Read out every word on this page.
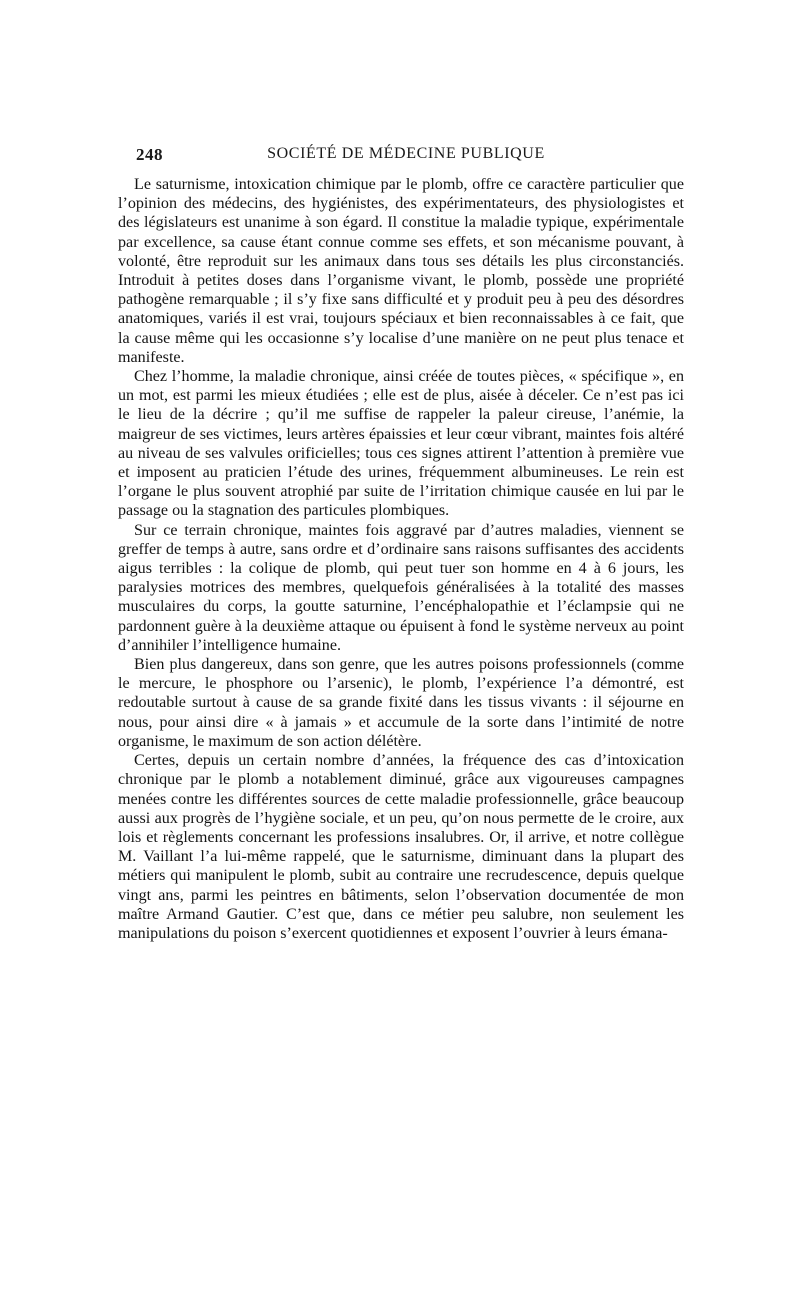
248	SOCIÉTÉ DE MÉDECINE PUBLIQUE

Le saturnisme, intoxication chimique par le plomb, offre ce caractère particulier que l’opinion des médecins, des hygiénistes, des expérimentateurs, des physiologistes et des législateurs est unanime à son égard. Il constitue la maladie typique, expérimentale par excellence, sa cause étant connue comme ses effets, et son mécanisme pouvant, à volonté, être reproduit sur les animaux dans tous ses détails les plus circonstanciés. Introduit à petites doses dans l’organisme vivant, le plomb, possède une propriété pathogène remarquable ; il s’y fixe sans difficulté et y produit peu à peu des désordres anatomiques, variés il est vrai, toujours spéciaux et bien reconnaissables à ce fait, que la cause même qui les occasionne s’y localise d’une manière on ne peut plus tenace et manifeste.

Chez l’homme, la maladie chronique, ainsi créée de toutes pièces, « spécifique », en un mot, est parmi les mieux étudiées ; elle est de plus, aisée à déceler. Ce n’est pas ici le lieu de la décrire ; qu’il me suffise de rappeler la paleur cireuse, l’anémie, la maigreur de ses victimes, leurs artères épaissies et leur cœur vibrant, maintes fois altéré au niveau de ses valvules orificielles; tous ces signes attirent l’attention à première vue et imposent au praticien l’étude des urines, fréquemment albumineuses. Le rein est l’organe le plus souvent atrophié par suite de l’irritation chimique causée en lui par le passage ou la stagnation des particules plombiques.

Sur ce terrain chronique, maintes fois aggravé par d’autres maladies, viennent se greffer de temps à autre, sans ordre et d’ordinaire sans raisons suffisantes des accidents aigus terribles : la colique de plomb, qui peut tuer son homme en 4 à 6 jours, les paralysies motrices des membres, quelquefois généralisées à la totalité des masses musculaires du corps, la goutte saturnine, l’encéphalopathie et l’éclampsie qui ne pardonnent guère à la deuxième attaque ou épuisent à fond le système nerveux au point d’annihiler l’intelligence humaine.

Bien plus dangereux, dans son genre, que les autres poisons professionnels (comme le mercure, le phosphore ou l’arsenic), le plomb, l’expérience l’a démontré, est redoutable surtout à cause de sa grande fixité dans les tissus vivants : il séjourne en nous, pour ainsi dire « à jamais » et accumule de la sorte dans l’intimité de notre organisme, le maximum de son action délétère.

Certes, depuis un certain nombre d’années, la fréquence des cas d’intoxication chronique par le plomb a notablement diminué, grâce aux vigoureuses campagnes menées contre les différentes sources de cette maladie professionnelle, grâce beaucoup aussi aux progrès de l’hygiène sociale, et un peu, qu’on nous permette de le croire, aux lois et règlements concernant les professions insalubres. Or, il arrive, et notre collègue M. Vaillant l’a lui-même rappelé, que le saturnisme, diminuant dans la plupart des métiers qui manipulent le plomb, subit au contraire une recrudescence, depuis quelque vingt ans, parmi les peintres en bâtiments, selon l’observation documentée de mon maître Armand Gautier. C’est que, dans ce métier peu salubre, non seulement les manipulations du poison s’exercent quotidiennes et exposent l’ouvrier à leurs émana-
